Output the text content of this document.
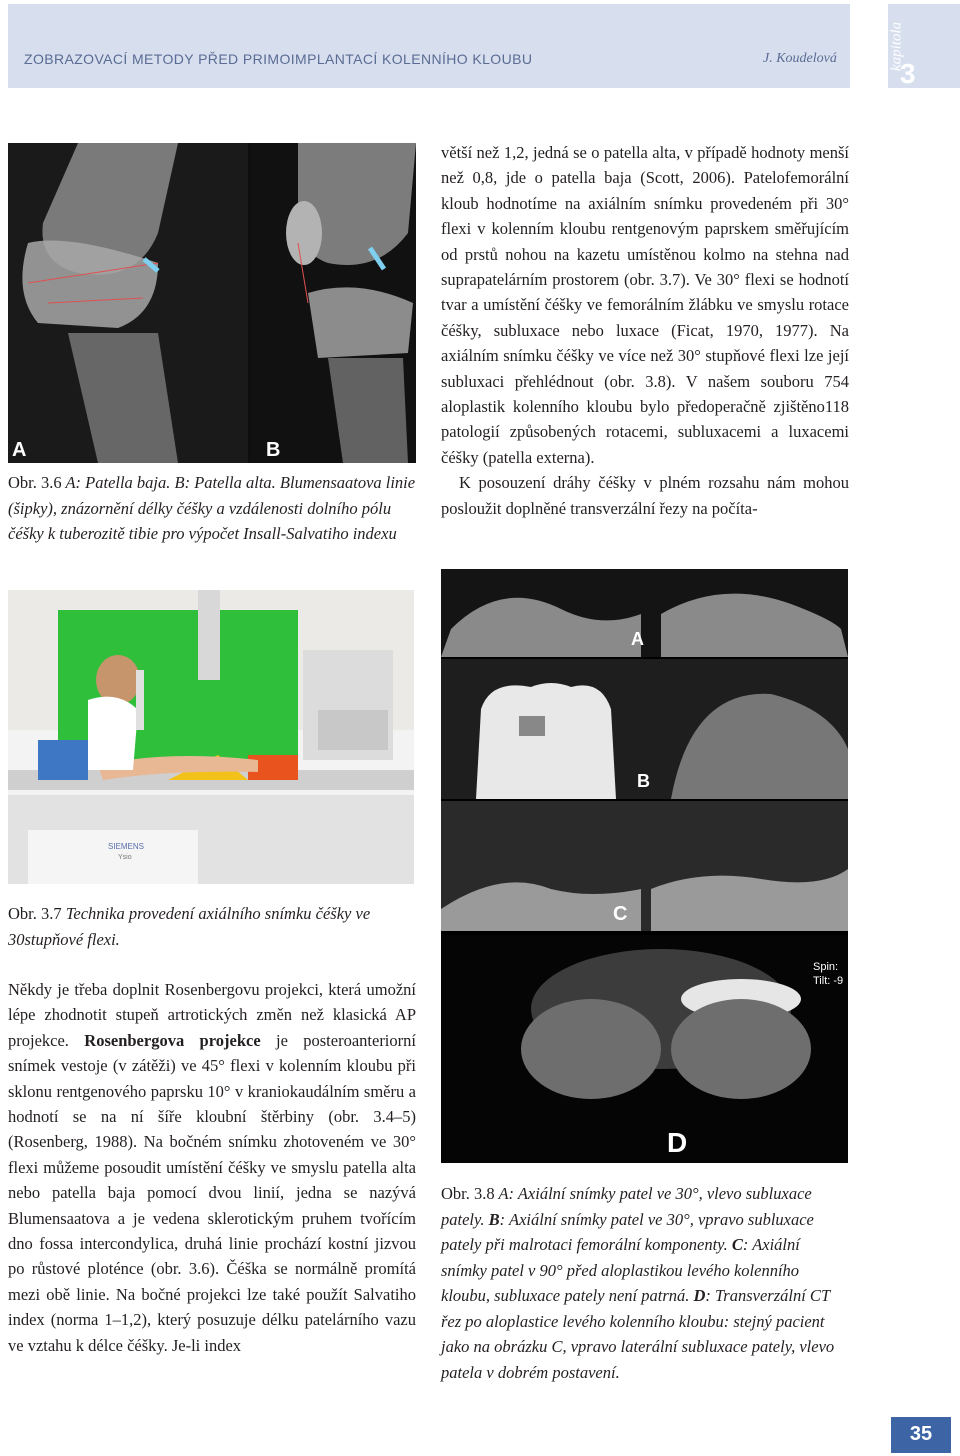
ZOBRAZOVACÍ METODY PŘED PRIMOIMPLANTACÍ KOLENNÍHO KLOUBU	J. Koudelová	kapitola
3
A	B

Obr. 3.6 A: Patella baja. B: Patella alta. Blumensaatova linie (šipky), znázornění délky čéšky a vzdálenosti dolního pólu čéšky k tuberozitě tibie pro výpočet Insall-Salvatiho indexu

větší než 1,2, jedná se o patella alta, v případě hodnoty menší než 0,8, jde o patella baja (Scott, 2006). Patelofemorální kloub hodnotíme na axiálním snímku provedeném při 30° flexi v kolenním kloubu rentgenovým paprskem směřujícím od prstů nohou na kazetu umístěnou kolmo na stehna nad suprapatelárním prostorem (obr. 3.7). Ve 30° flexi se hodnotí tvar a umístění čéšky ve femorálním žlábku ve smyslu rotace čéšky, subluxace nebo luxace (Ficat, 1970, 1977). Na axiálním snímku čéšky ve více než 30° stupňové flexi lze její subluxaci přehlédnout (obr. 3.8). V našem souboru 754 aloplastik kolenního kloubu bylo předoperačně zjištěno118 patologií způsobených rotacemi, subluxacemi a luxacemi čéšky (patella externa).

K posouzení dráhy čéšky v plném rozsahu nám mohou posloužit doplněné transverzální řezy na počíta-

SIEMENS
Ysio

Obr. 3.7 Technika provedení axiálního snímku čéšky ve 30stupňové flexi.

Někdy je třeba doplnit Rosenbergovu projekci, která umožní lépe zhodnotit stupeň artrotických změn než klasická AP projekce. Rosenbergova projekce je posteroanteriorní snímek vestoje (v zátěži) ve 45° flexi v kolenním kloubu při sklonu rentgenového paprsku 10° v kraniokaudálním směru a hodnotí se na ní šíře kloubní štěrbiny (obr. 3.4–5) (Rosenberg, 1988). Na bočném snímku zhotoveném ve 30° flexi můžeme posoudit umístění čéšky ve smyslu patella alta nebo patella baja pomocí dvou linií, jedna se nazývá Blumensaatova a je vedena sklerotickým pruhem tvořícím dno fossa intercondylica, druhá linie prochází kostní jizvou po růstové ploténce (obr. 3.6). Čéška se normálně promítá mezi obě linie. Na bočné projekci lze také použít Salvatiho index (norma 1–1,2), který posuzuje délku patelárního vazu ve vztahu k délce čéšky. Je-li index

A
B
C
D
Spin:
Tilt: -9

Obr. 3.8 A: Axiální snímky patel ve 30°, vlevo subluxace pately. B: Axiální snímky patel ve 30°, vpravo subluxace pately při malrotaci femorální komponenty. C: Axiální snímky patel v 90° před aloplastikou levého kolenního kloubu, subluxace pately není patrná. D: Transverzální CT řez po aloplastice levého kolenního kloubu: stejný pacient jako na obrázku C, vpravo laterální subluxace pately, vlevo patela v dobrém postavení.

35
